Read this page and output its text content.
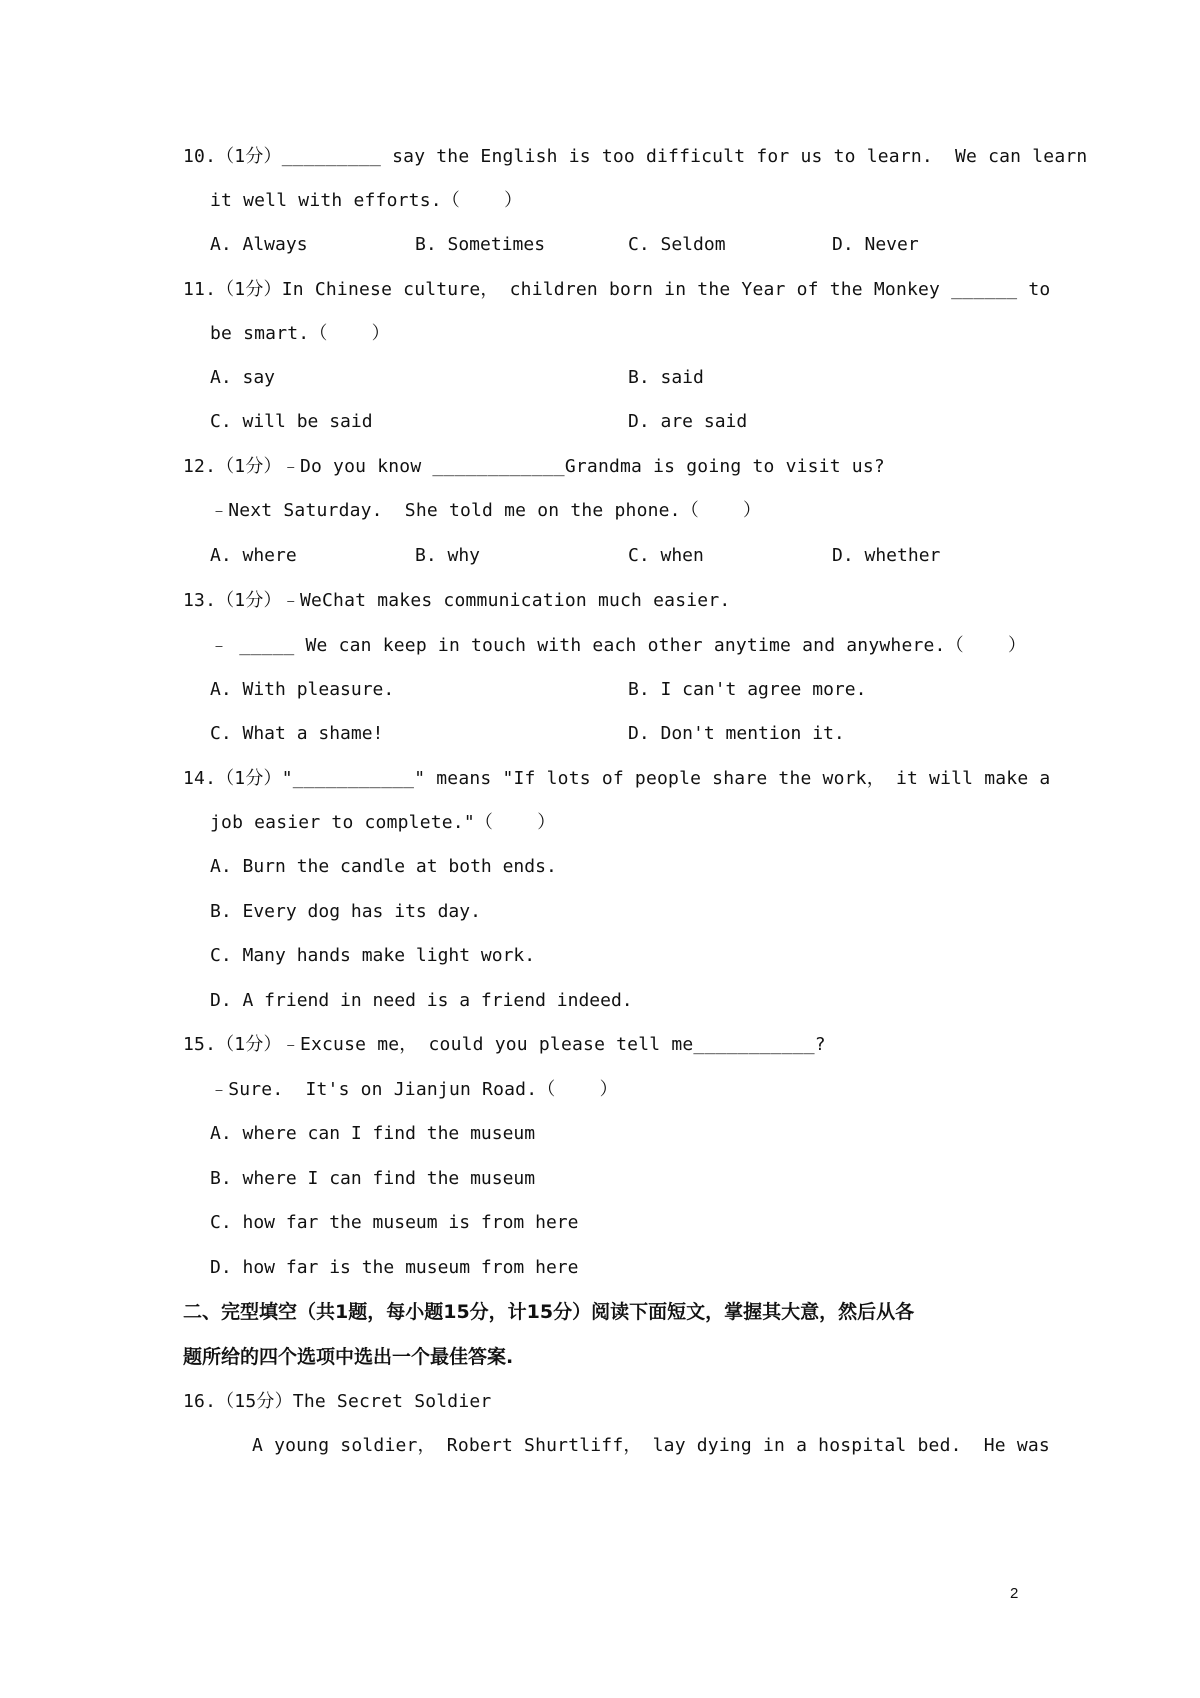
10.（1分）_________ say the English is too difficult for us to learn.  We can learn
it well with efforts.（    ）
A. Always	B. Sometimes	C. Seldom	D. Never
11.（1分）In Chinese culture， children born in the Year of the Monkey ______ to
be smart.（    ）
A. say	B. said
C. will be said	D. are said
12.（1分）﹣Do you know ____________Grandma is going to visit us?
﹣Next Saturday.  She told me on the phone.（    ）
A. where	B. why	C. when	D. whether
13.（1分）﹣WeChat makes communication much easier.
﹣ _____ We can keep in touch with each other anytime and anywhere.（    ）
A. With pleasure.	B. I can't agree more.
C. What a shame!	D. Don't mention it.
14.（1分）"___________" means "If lots of people share the work， it will make a
job easier to complete."（    ）
A. Burn the candle at both ends.
B. Every dog has its day.
C. Many hands make light work.
D. A friend in need is a friend indeed.
15.（1分）﹣Excuse me， could you please tell me___________?
﹣Sure.  It's on Jianjun Road.（    ）
A. where can I find the museum
B. where I can find the museum
C. how far the museum is from here
D. how far is the museum from here
二、完型填空（共1题，每小题15分，计15分）阅读下面短文，掌握其大意，然后从各
题所给的四个选项中选出一个最佳答案.
16.（15分）The Secret Soldier
A young soldier， Robert Shurtliff， lay dying in a hospital bed.  He was
2
